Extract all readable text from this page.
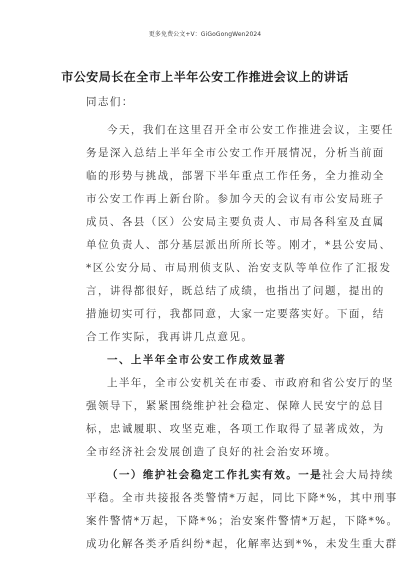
更多免费公文+V：GiGoGongWen2024
市公安局长在全市上半年公安工作推进会议上的讲话
同志们：
今天，我们在这里召开全市公安工作推进会议，主要任
务是深入总结上半年全市公安工作开展情况，分析当前面
临的形势与挑战，部署下半年重点工作任务，全力推动全
市公安工作再上新台阶。参加今天的会议有市公安局班子
成员、各县（区）公安局主要负责人、市局各科室及直属
单位负责人、部分基层派出所所长等。刚才，*县公安局、
*区公安分局、市局刑侦支队、治安支队等单位作了汇报发
言，讲得都很好，既总结了成绩，也指出了问题，提出的
措施切实可行，我都同意，大家一定要落实好。下面，结
合工作实际，我再讲几点意见。
一、上半年全市公安工作成效显著
上半年，全市公安机关在市委、市政府和省公安厅的坚
强领导下，紧紧围绕维护社会稳定、保障人民安宁的总目
标，忠诚履职、攻坚克难，各项工作取得了显著成效，为
全市经济社会发展创造了良好的社会治安环境。
（一）维护社会稳定工作扎实有效。一是社会大局持续
平稳。全市共接报各类警情*万起，同比下降*%，其中刑事
案件警情*万起，下降*%；治安案件警情*万起，下降*%。
成功化解各类矛盾纠纷*起，化解率达到*%，未发生重大群
